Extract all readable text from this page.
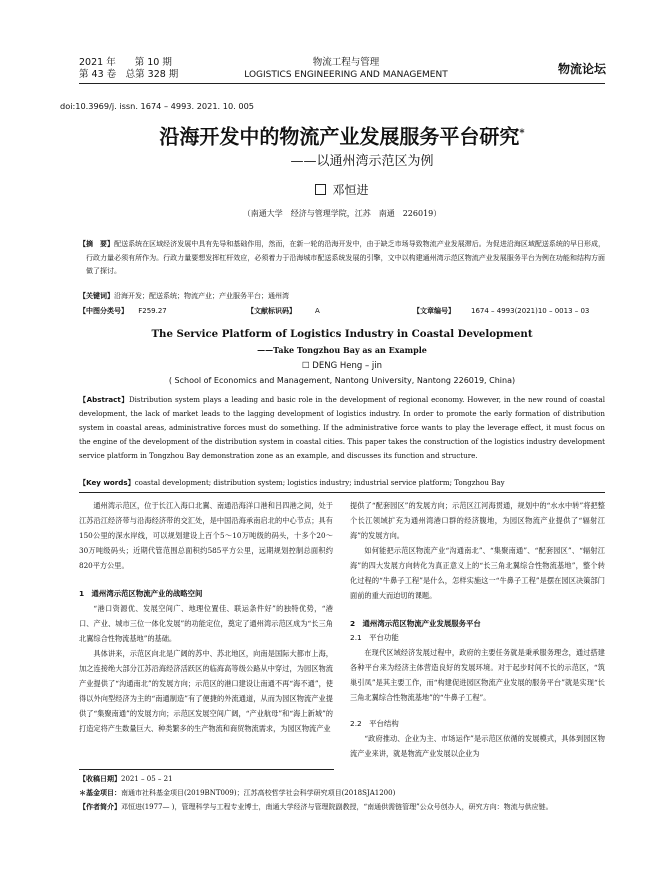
2021 年　　第 10 期
第 43 卷　总第 328 期
物流工程与管理
LOGISTICS ENGINEERING AND MANAGEMENT	物流论坛
doi:10.3969/j. issn. 1674 – 4993. 2021. 10. 005
沿海开发中的物流产业发展服务平台研究*
——以通州湾示范区为例
邓恒进
（南通大学　经济与管理学院，江苏　南通　226019）
【摘　要】配送系统在区域经济发展中具有先导和基础作用，然而，在新一轮的沿海开发中，由于缺乏市场导致物流产业发展滞后。为促进沿海区域配送系统的早日形成，行政力量必须有所作为。行政力量要想发挥杠杆效应，必须着力于沿海城市配送系统发展的引擎，文中以构建通州湾示范区物流产业发展服务平台为例在功能和结构方面做了探讨。
【关键词】沿海开发；配送系统；物流产业；产业服务平台；通州湾
【中图分类号】 F259.27	【文献标识码】	A	【文章编号】 1674 – 4993(2021)10 – 0013 – 03
The Service Platform of Logistics Industry in Coastal Development
——Take Tongzhou Bay as an Example
☐ DENG Heng – jin
( School of Economics and Management, Nantong University, Nantong 226019, China)
【Abstract】Distribution system plays a leading and basic role in the development of regional economy. However, in the new round of coastal development, the lack of market leads to the lagging development of logistics industry. In order to promote the early formation of distribution system in coastal areas, administrative forces must do something. If the administrative force wants to play the leverage effect, it must focus on the engine of the development of the distribution system in coastal cities. This paper takes the construction of the logistics industry development service platform in Tongzhou Bay demonstration zone as an example, and discusses its function and structure.
【Key words】coastal development; distribution system; logistics industry; industrial service platform; Tongzhou Bay

通州湾示范区，位于长江入海口北翼、南通沿海洋口港和吕四港之间，处于江苏沿江经济带与沿海经济带的交汇处，是中国沿海承南启北的中心节点；具有150公里的深水岸线，可以规划建设上百个5～10万吨级的码头，十多个20～30万吨级码头；近期代管范围总面积约585平方公里，远期规划控制总面积约820平方公里。

1　通州湾示范区物流产业的战略空间

“港口资源优、发展空间广、地理位置佳、联运条件好”的独特优势，“港口、产业、城市三位一体化发展”的功能定位，奠定了通州湾示范区成为“长三角北翼综合性物流基地”的基础。

具体讲来，示范区向北是广阔的苏中、苏北地区，向南是国际大都市上海，加之连接绝大部分江苏沿海经济活跃区的临海高等级公路从中穿过，为园区物流产业提供了“沟通南北”的发展方向；示范区的港口建设让南通不再“海不通”，使得以外向型经济为主的“南通制造”有了便捷的外流通道，从而为园区物流产业提供了“集聚南通”的发展方向；示范区发展空间广阔，“产业航母”和“海上新城”的打造定将产生数量巨大、种类繁多的生产物流和商贸物流需求，为园区物流产业

提供了“配套园区”的发展方向；示范区江河海贯通，规划中的“水水中转”将把整个长江领域扩充为通州湾港口群的经济腹地，为园区物流产业提供了“辐射江海”的发展方向。

如何能把示范区物流产业“沟通南北”、“集聚南通”、“配套园区”、“辐射江海”的四大发展方向转化为真正意义上的“长三角北翼综合性物流基地”，整个转化过程的“牛鼻子工程”是什么，怎样实施这一“牛鼻子工程”是摆在园区决策部门面前的重大而迫切的课题。

2　通州湾示范区物流产业发展服务平台
2.1　平台功能

在现代区域经济发展过程中，政府的主要任务就是秉承服务理念，通过搭建各种平台来为经济主体营造良好的发展环境。对于起步时间不长的示范区，“筑巢引凤”是其主要工作，而“构建促进园区物流产业发展的服务平台”就是实现“长三角北翼综合性物流基地”的“牛鼻子工程”。

2.2　平台结构

“政府推动、企业为主、市场运作”是示范区依循的发展模式，具体到园区物流产业来讲，就是物流产业发展以企业为

【收稿日期】2021 – 05 – 21
＊基金项目：南通市社科基金项目(2019BNT009)；江苏高校哲学社会科学研究项目(2018SJA1200)
【作者简介】邓恒进(1977— )，管理科学与工程专业博士，南通大学经济与管理院副教授，“南通供需链管理”公众号创办人，研究方向：物流与供应链。
